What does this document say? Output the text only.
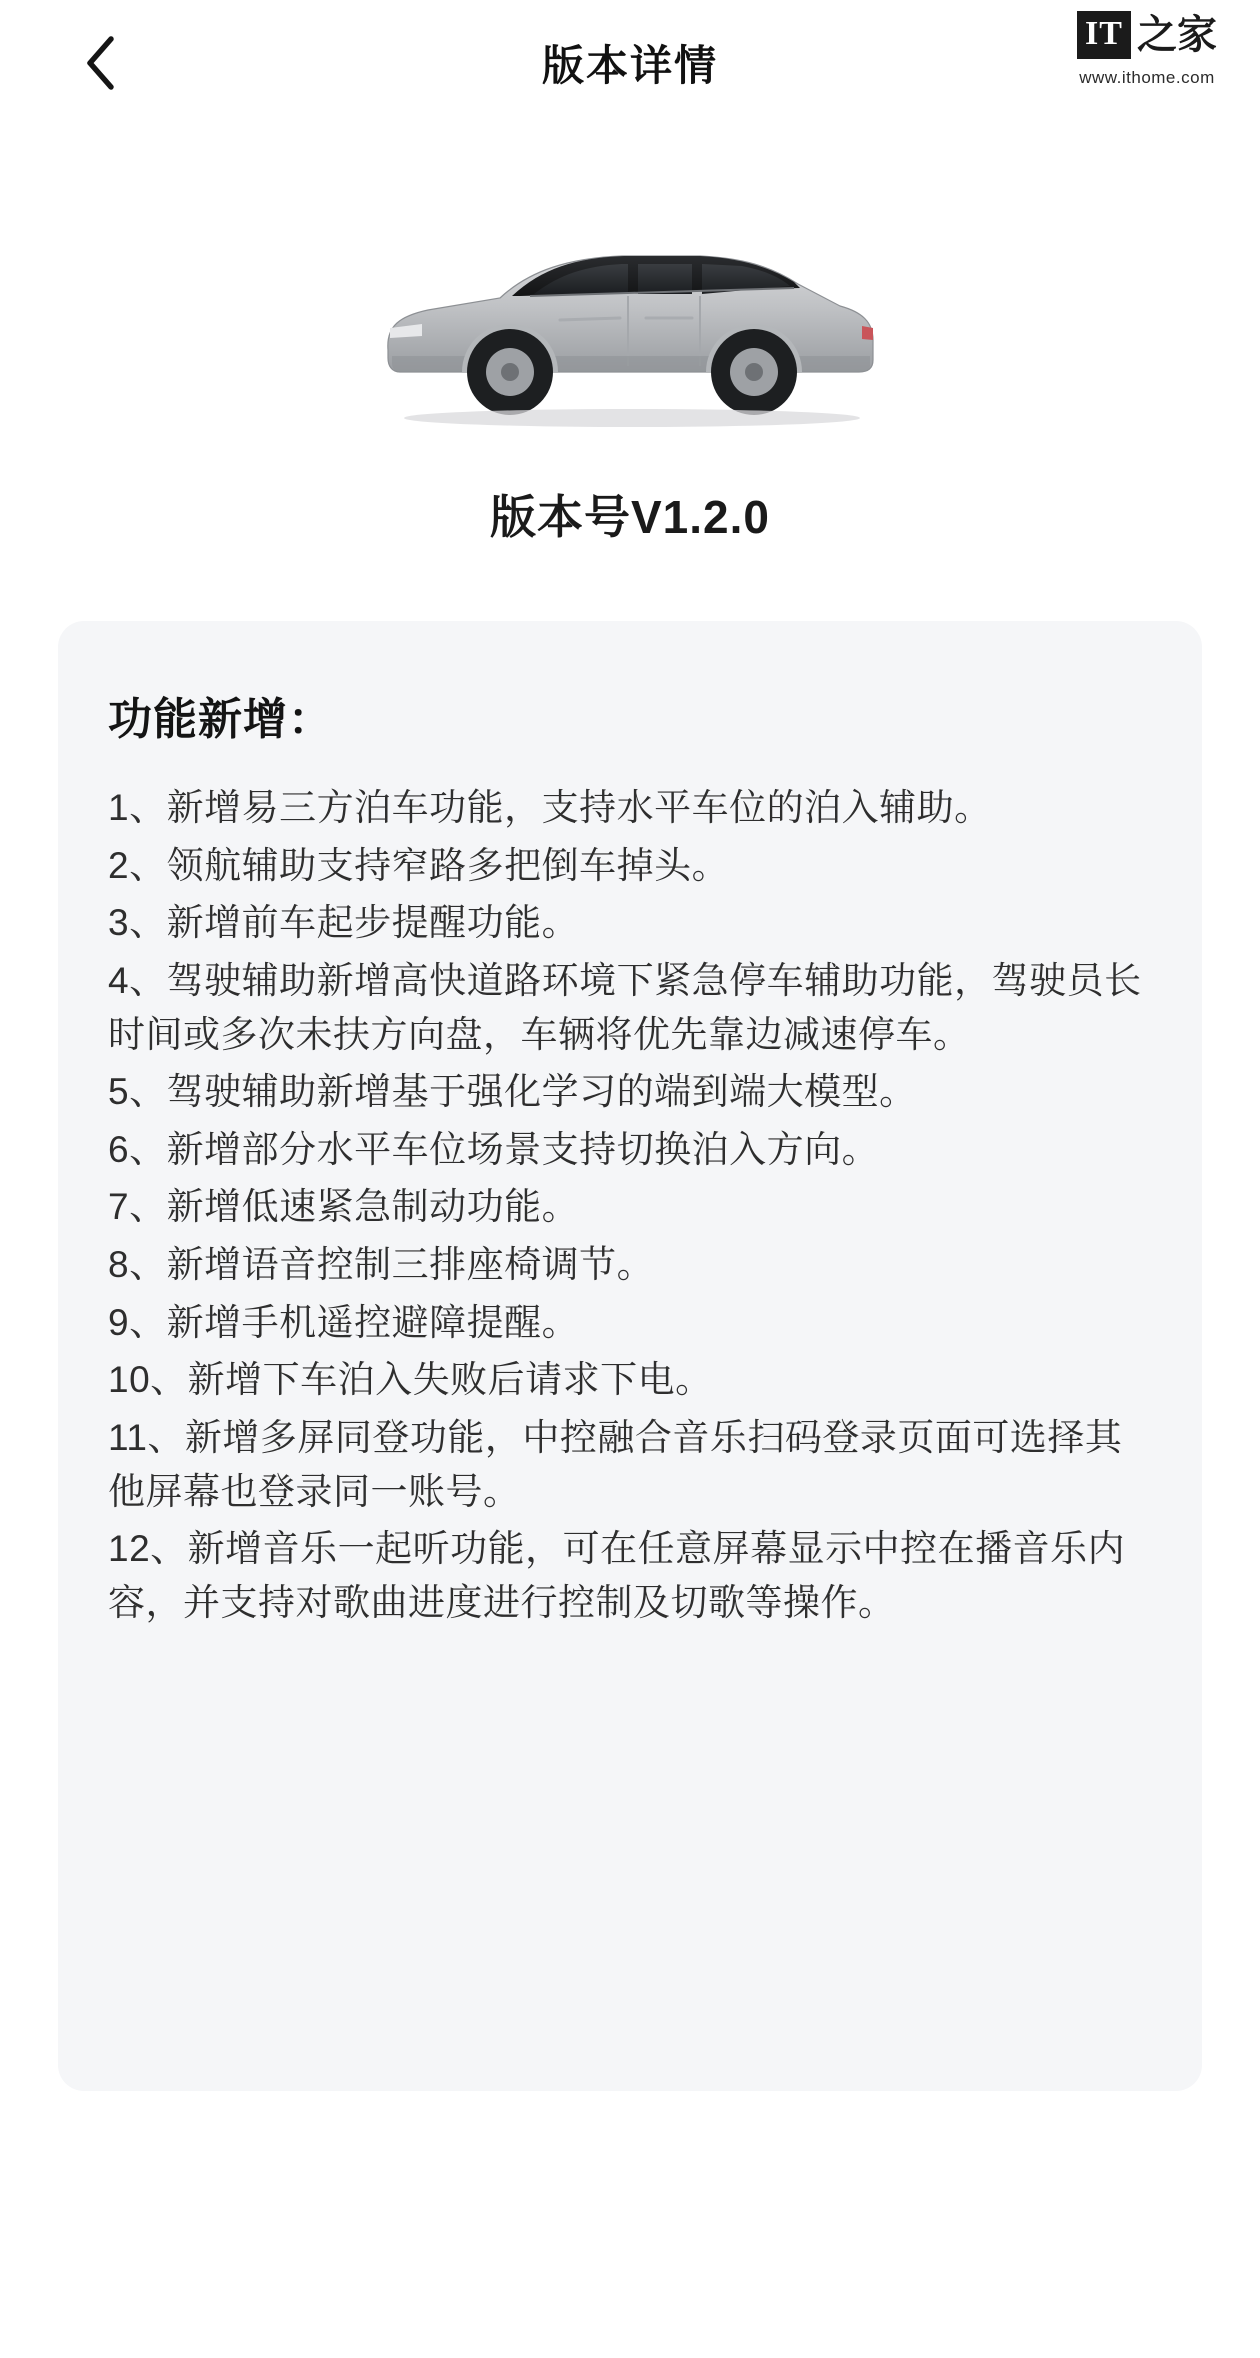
版本详情
IT 之家
www.ithome.com
版本号V1.2.0
功能新增：
1、新增易三方泊车功能，支持水平车位的泊入辅助。
2、领航辅助支持窄路多把倒车掉头。
3、新增前车起步提醒功能。
4、驾驶辅助新增高快道路环境下紧急停车辅助功能，驾驶员长时间或多次未扶方向盘，车辆将优先靠边减速停车。
5、驾驶辅助新增基于强化学习的端到端大模型。
6、新增部分水平车位场景支持切换泊入方向。
7、新增低速紧急制动功能。
8、新增语音控制三排座椅调节。
9、新增手机遥控避障提醒。
10、新增下车泊入失败后请求下电。
11、新增多屏同登功能，中控融合音乐扫码登录页面可选择其他屏幕也登录同一账号。
12、新增音乐一起听功能，可在任意屏幕显示中控在播音乐内容，并支持对歌曲进度进行控制及切歌等操作。
